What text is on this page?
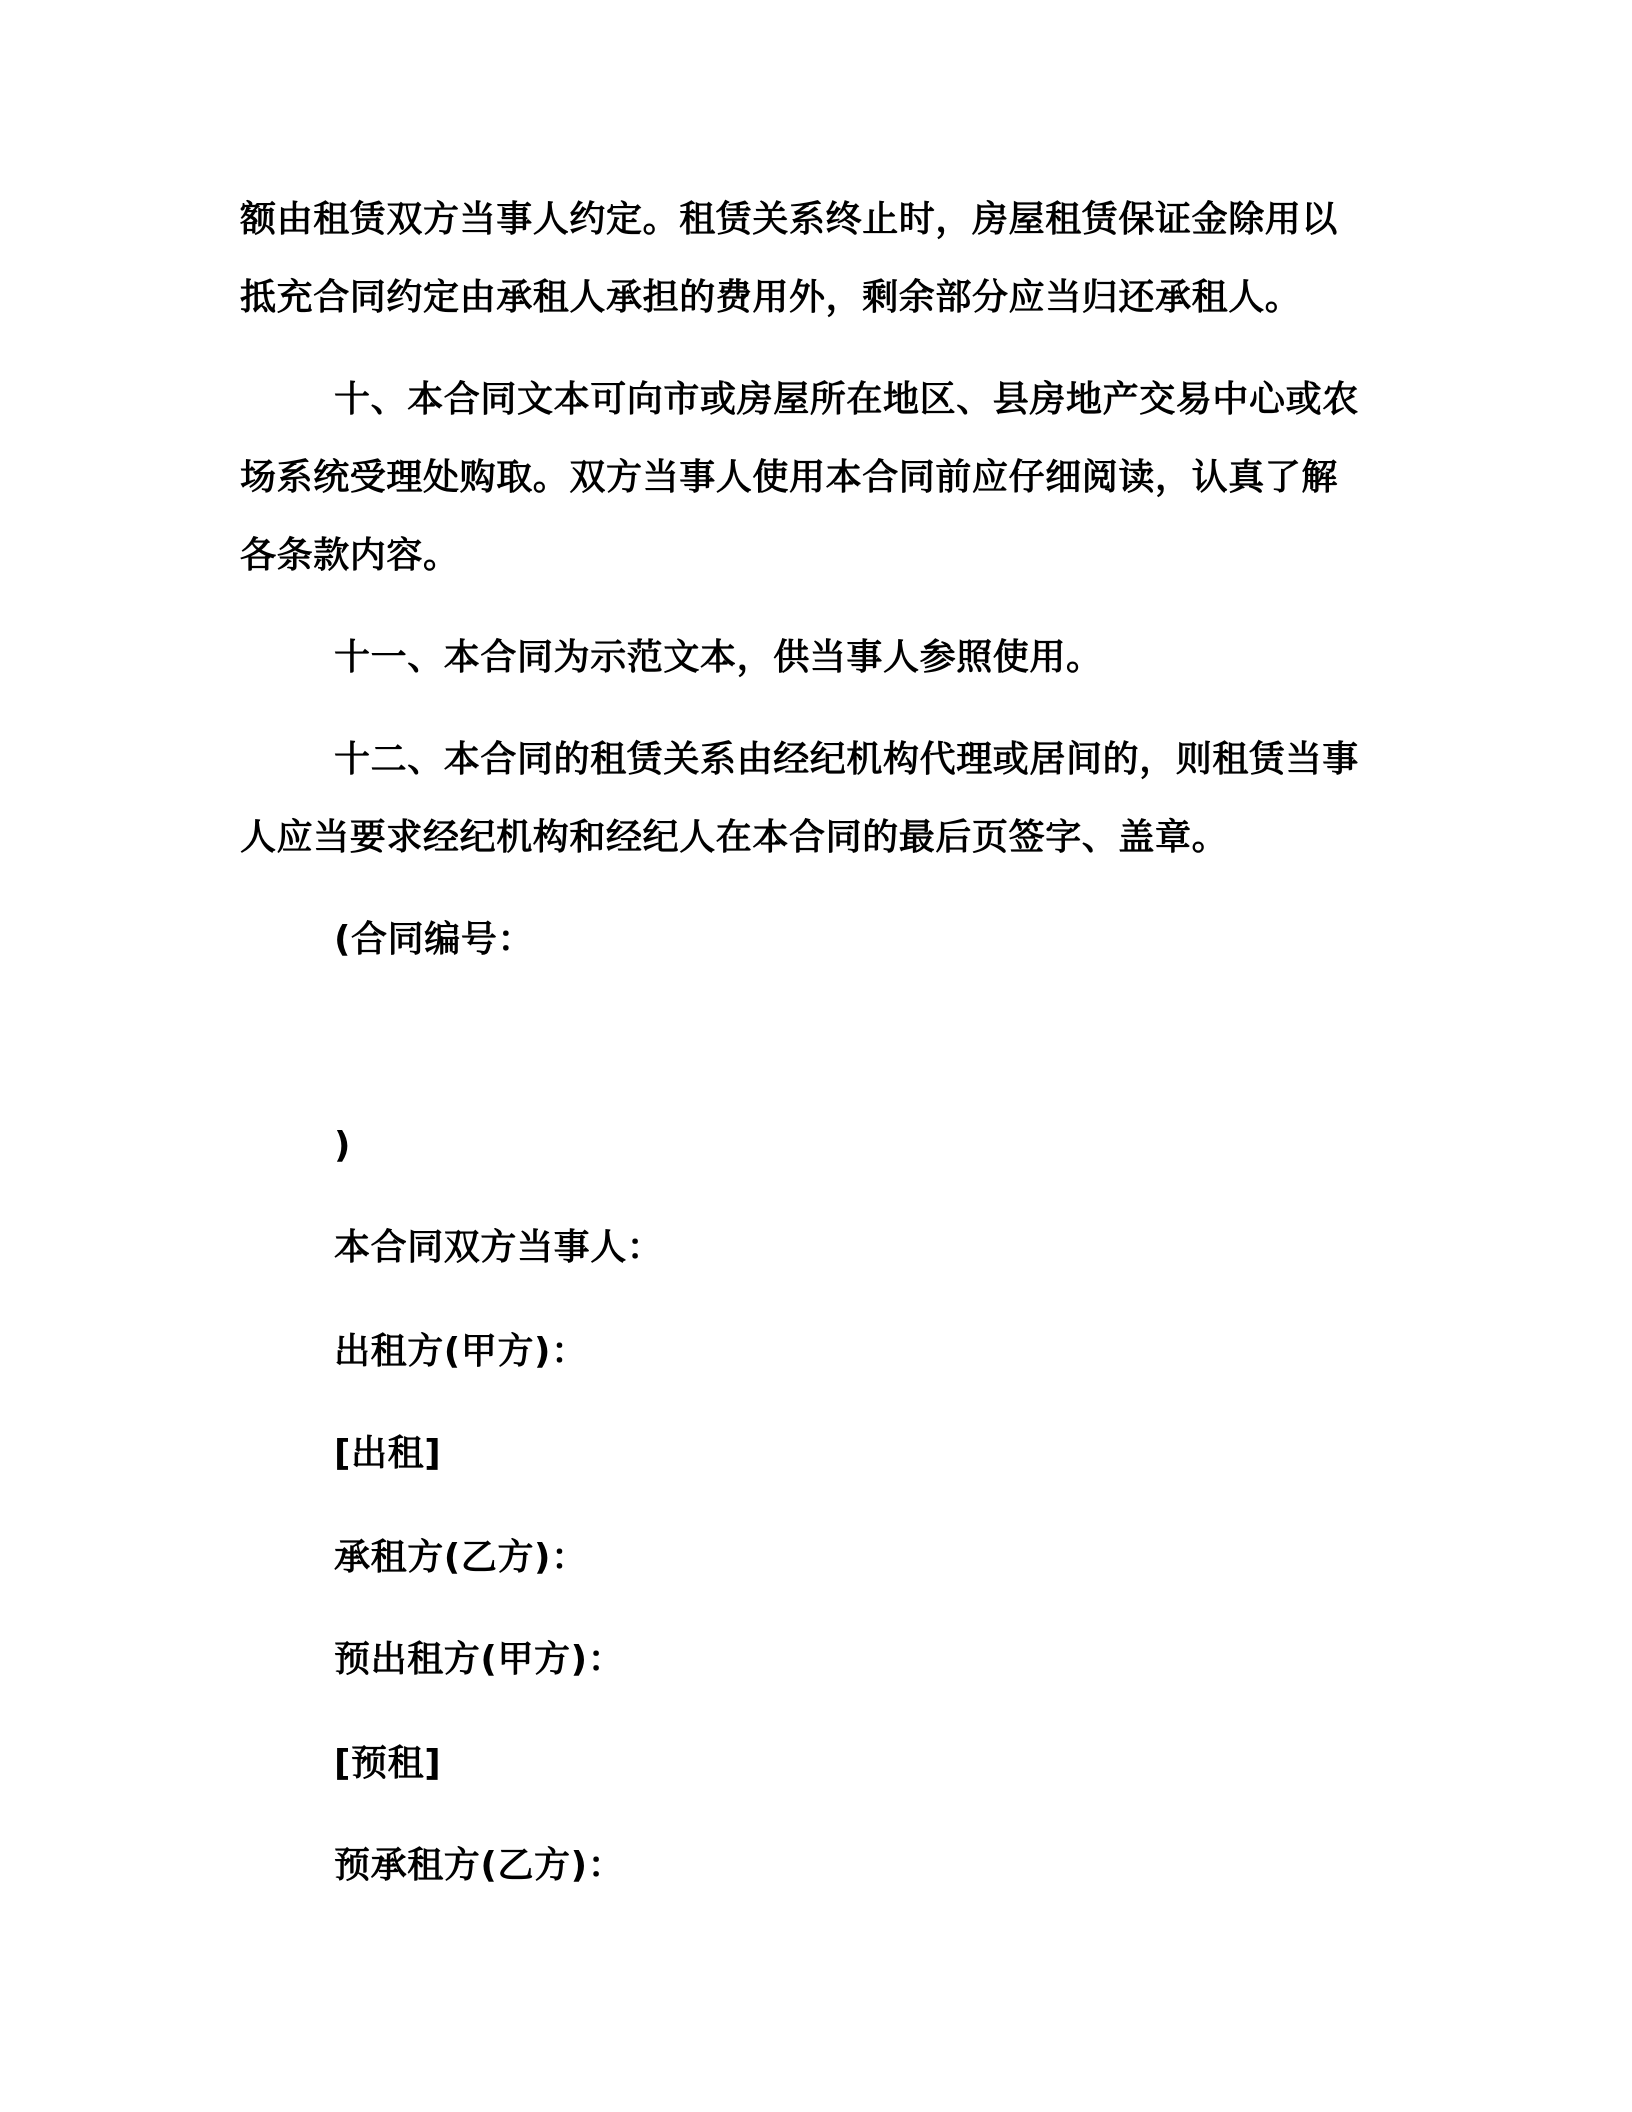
额由租赁双方当事人约定。租赁关系终止时，房屋租赁保证金除用以
抵充合同约定由承租人承担的费用外，剩余部分应当归还承租人。
十、本合同文本可向市或房屋所在地区、县房地产交易中心或农
场系统受理处购取。双方当事人使用本合同前应仔细阅读，认真了解
各条款内容。
十一、本合同为示范文本，供当事人参照使用。
十二、本合同的租赁关系由经纪机构代理或居间的，则租赁当事
人应当要求经纪机构和经纪人在本合同的最后页签字、盖章。
(合同编号：
)
本合同双方当事人：
出租方(甲方)：
[出租]
承租方(乙方)：
预出租方(甲方)：
[预租]
预承租方(乙方)：
